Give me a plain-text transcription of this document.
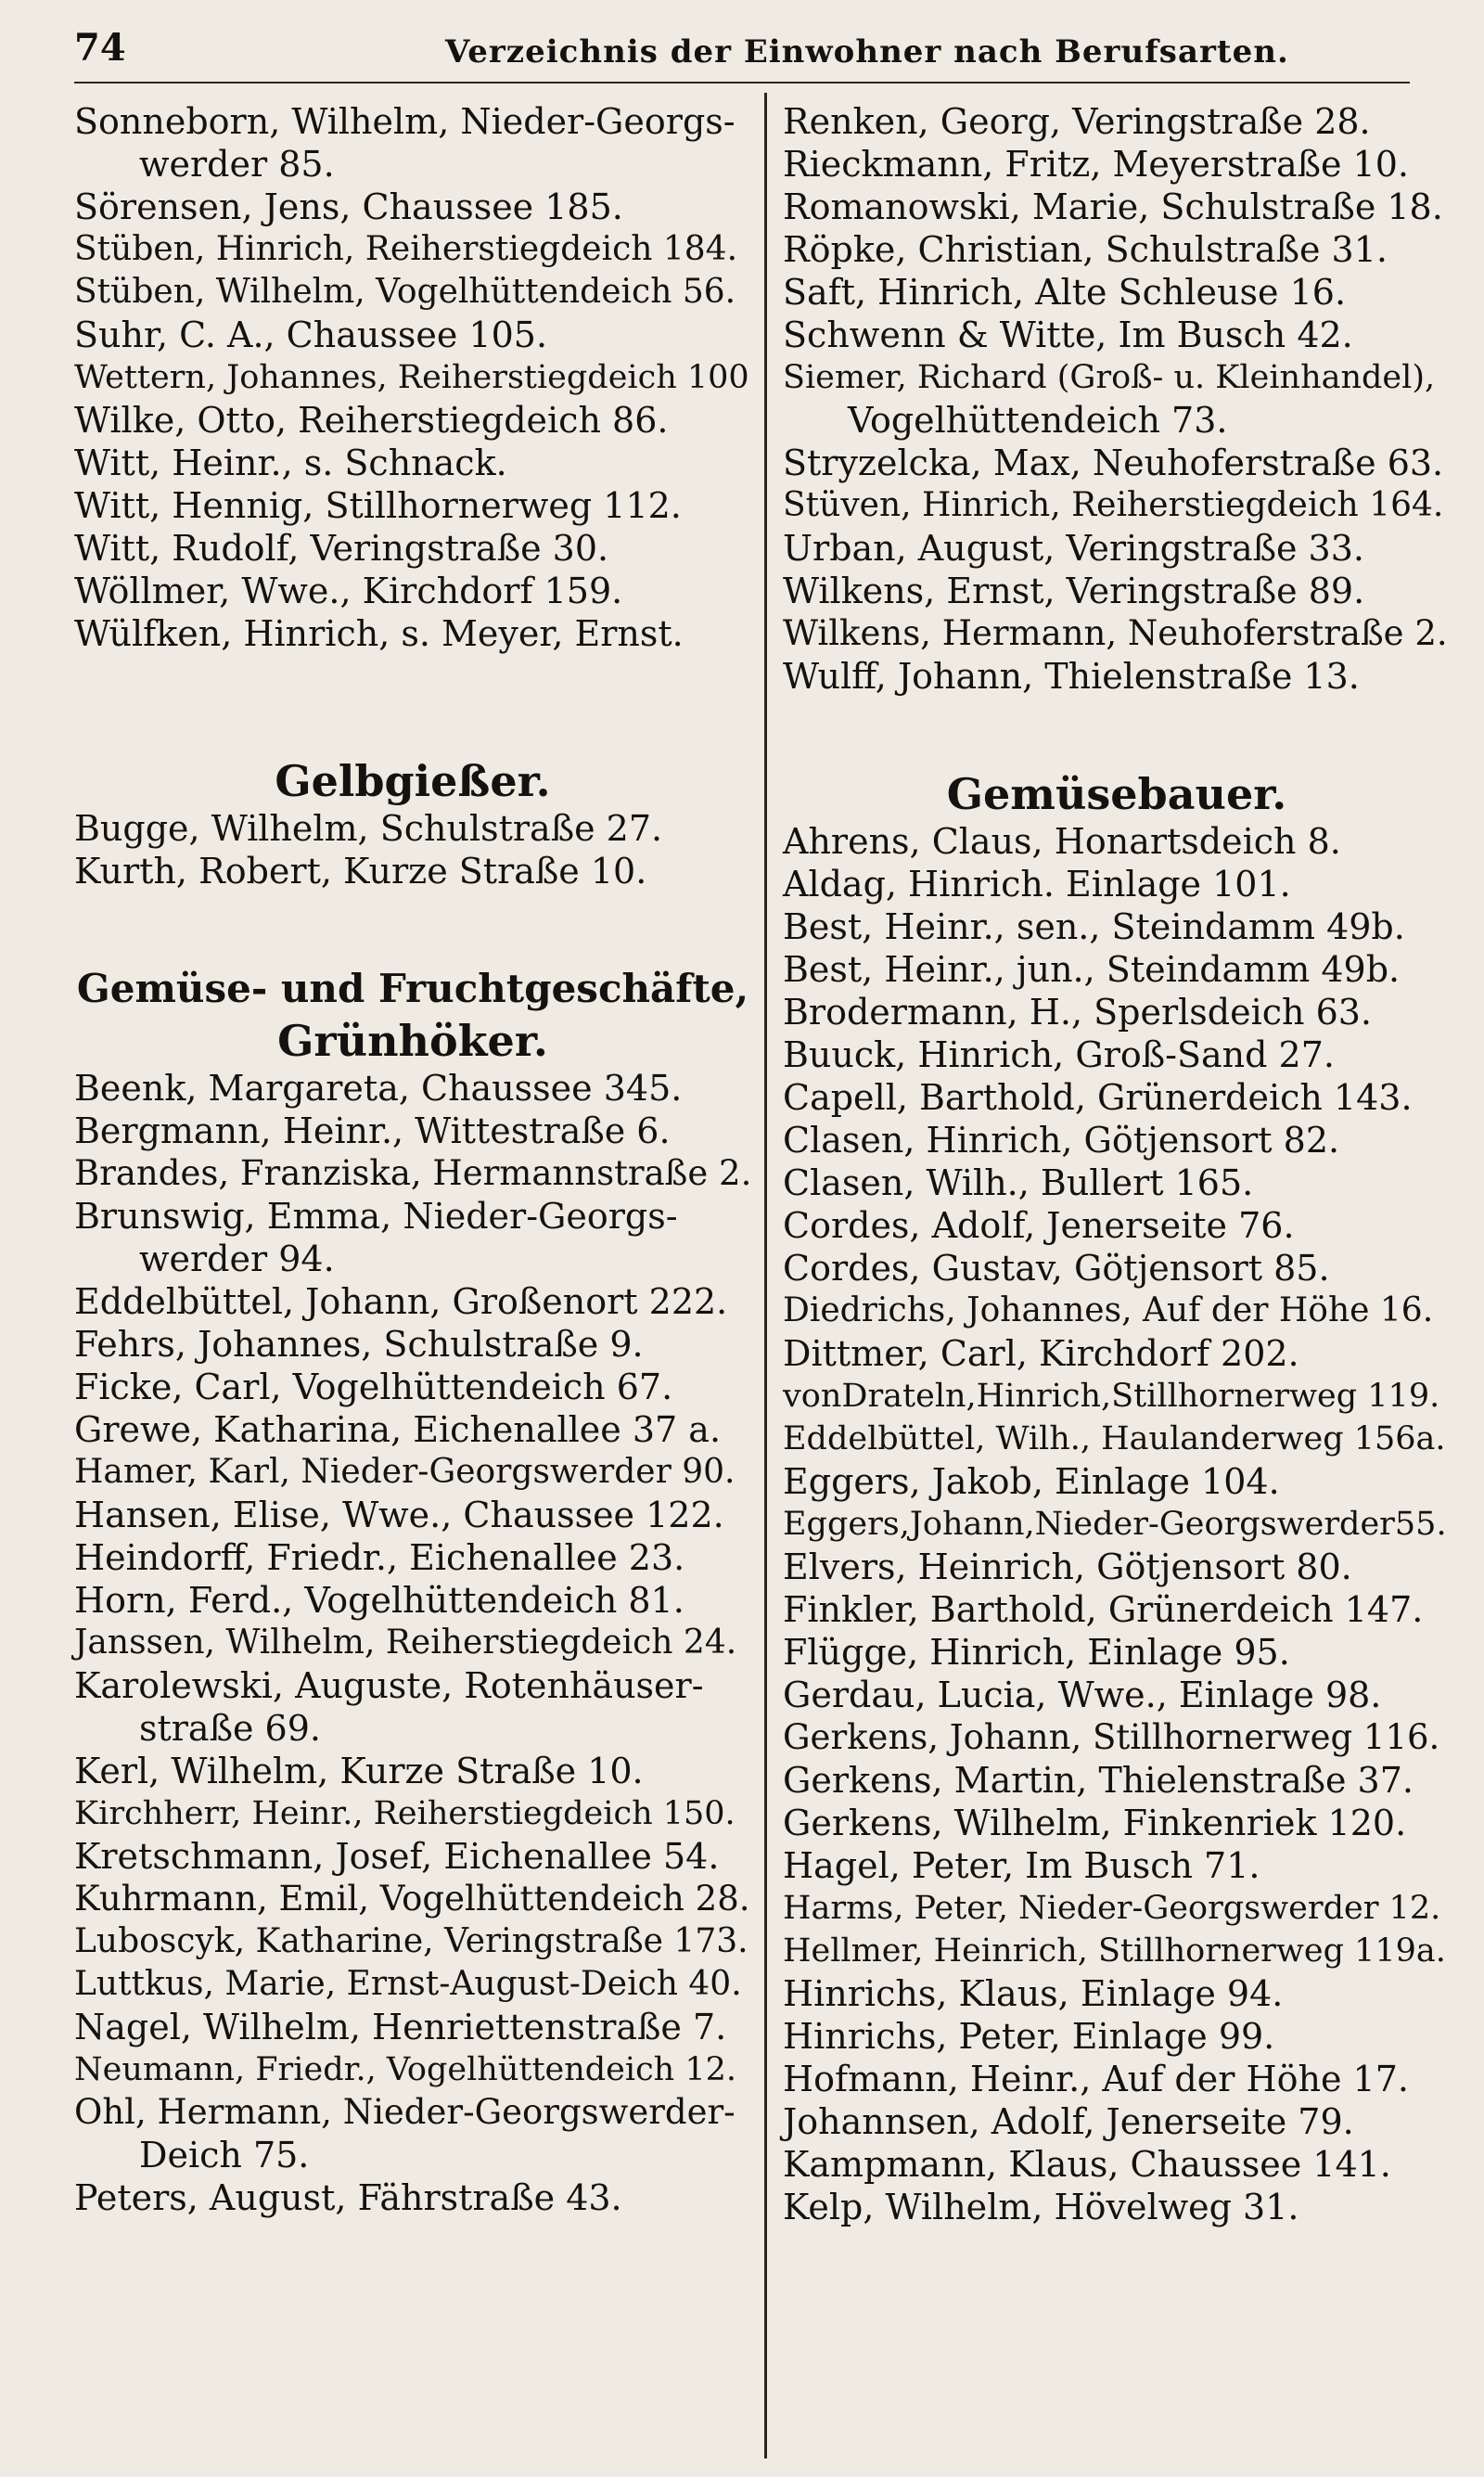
74	Verzeichnis der Einwohner nach Berufsarten.
Sonneborn, Wilhelm, Nieder-Georgs-
werder 85.
Sörensen, Jens, Chaussee 185.
Stüben, Hinrich, Reiherstiegdeich 184.
Stüben, Wilhelm, Vogelhüttendeich 56.
Suhr, C. A., Chaussee 105.
Wettern, Johannes, Reiherstiegdeich 100
Wilke, Otto, Reiherstiegdeich 86.
Witt, Heinr., s. Schnack.
Witt, Hennig, Stillhornerweg 112.
Witt, Rudolf, Veringstraße 30.
Wöllmer, Wwe., Kirchdorf 159.
Wülfken, Hinrich, s. Meyer, Ernst.
Gelbgießer.
Bugge, Wilhelm, Schulstraße 27.
Kurth, Robert, Kurze Straße 10.
Gemüse- und Fruchtgeschäfte,
Grünhöker.
Beenk, Margareta, Chaussee 345.
Bergmann, Heinr., Wittestraße 6.
Brandes, Franziska, Hermannstraße 2.
Brunswig, Emma, Nieder-Georgs-
werder 94.
Eddelbüttel, Johann, Großenort 222.
Fehrs, Johannes, Schulstraße 9.
Ficke, Carl, Vogelhüttendeich 67.
Grewe, Katharina, Eichenallee 37 a.
Hamer, Karl, Nieder-Georgswerder 90.
Hansen, Elise, Wwe., Chaussee 122.
Heindorff, Friedr., Eichenallee 23.
Horn, Ferd., Vogelhüttendeich 81.
Janssen, Wilhelm, Reiherstiegdeich 24.
Karolewski, Auguste, Rotenhäuser-
straße 69.
Kerl, Wilhelm, Kurze Straße 10.
Kirchherr, Heinr., Reiherstiegdeich 150.
Kretschmann, Josef, Eichenallee 54.
Kuhrmann, Emil, Vogelhüttendeich 28.
Luboscyk, Katharine, Veringstraße 173.
Luttkus, Marie, Ernst-August-Deich 40.
Nagel, Wilhelm, Henriettenstraße 7.
Neumann, Friedr., Vogelhüttendeich 12.
Ohl, Hermann, Nieder-Georgswerder-
Deich 75.
Peters, August, Fährstraße 43.
Renken, Georg, Veringstraße 28.
Rieckmann, Fritz, Meyerstraße 10.
Romanowski, Marie, Schulstraße 18.
Röpke, Christian, Schulstraße 31.
Saft, Hinrich, Alte Schleuse 16.
Schwenn & Witte, Im Busch 42.
Siemer, Richard (Groß- u. Kleinhandel),
Vogelhüttendeich 73.
Stryzelcka, Max, Neuhoferstraße 63.
Stüven, Hinrich, Reiherstiegdeich 164.
Urban, August, Veringstraße 33.
Wilkens, Ernst, Veringstraße 89.
Wilkens, Hermann, Neuhoferstraße 2.
Wulff, Johann, Thielenstraße 13.
Gemüsebauer.
Ahrens, Claus, Honartsdeich 8.
Aldag, Hinrich. Einlage 101.
Best, Heinr., sen., Steindamm 49b.
Best, Heinr., jun., Steindamm 49b.
Brodermann, H., Sperlsdeich 63.
Buuck, Hinrich, Groß-Sand 27.
Capell, Barthold, Grünerdeich 143.
Clasen, Hinrich, Götjensort 82.
Clasen, Wilh., Bullert 165.
Cordes, Adolf, Jenerseite 76.
Cordes, Gustav, Götjensort 85.
Diedrichs, Johannes, Auf der Höhe 16.
Dittmer, Carl, Kirchdorf 202.
vonDrateln,Hinrich,Stillhornerweg 119.
Eddelbüttel, Wilh., Haulanderweg 156a.
Eggers, Jakob, Einlage 104.
Eggers,Johann,Nieder-Georgswerder55.
Elvers, Heinrich, Götjensort 80.
Finkler, Barthold, Grünerdeich 147.
Flügge, Hinrich, Einlage 95.
Gerdau, Lucia, Wwe., Einlage 98.
Gerkens, Johann, Stillhornerweg 116.
Gerkens, Martin, Thielenstraße 37.
Gerkens, Wilhelm, Finkenriek 120.
Hagel, Peter, Im Busch 71.
Harms, Peter, Nieder-Georgswerder 12.
Hellmer, Heinrich, Stillhornerweg 119a.
Hinrichs, Klaus, Einlage 94.
Hinrichs, Peter, Einlage 99.
Hofmann, Heinr., Auf der Höhe 17.
Johannsen, Adolf, Jenerseite 79.
Kampmann, Klaus, Chaussee 141.
Kelp, Wilhelm, Hövelweg 31.
